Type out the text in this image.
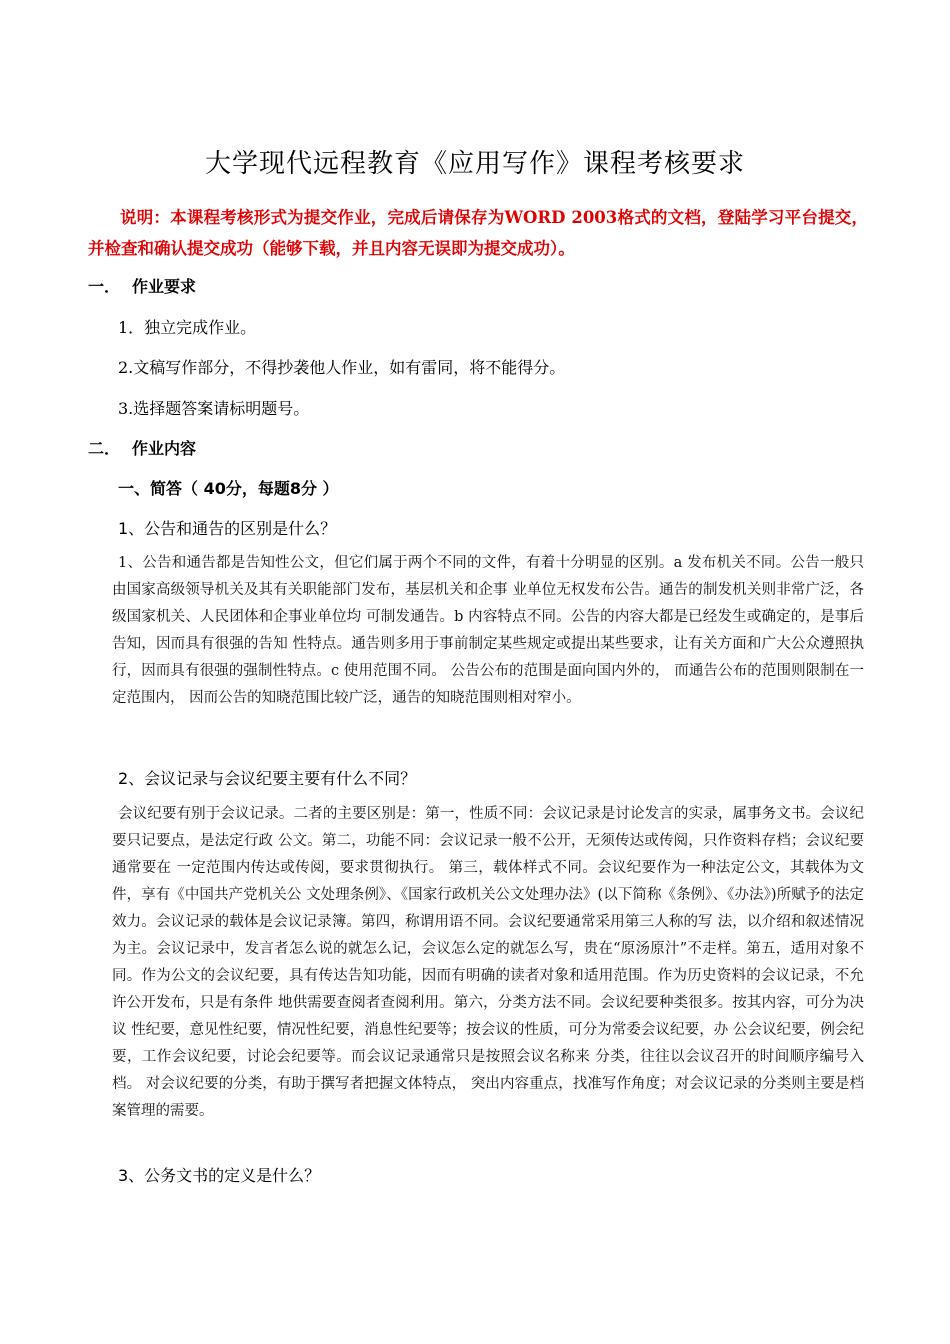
大学现代远程教育《应用写作》课程考核要求
说明：本课程考核形式为提交作业，完成后请保存为WORD 2003格式的文档，登陆学习平台提交，并检查和确认提交成功（能够下载，并且内容无误即为提交成功）。
一． 作业要求
1．独立完成作业。
2.文稿写作部分，不得抄袭他人作业，如有雷同，将不能得分。
3.选择题答案请标明题号。
二． 作业内容
一、简答（ 40分，每题8分 ）
1、公告和通告的区别是什么？
1、公告和通告都是告知性公文，但它们属于两个不同的文件，有着十分明显的区别。a 发布机关不同。公告一般只由国家高级领导机关及其有关职能部门发布，基层机关和企事 业单位无权发布公告。通告的制发机关则非常广泛，各级国家机关、人民团体和企事业单位均 可制发通告。b 内容特点不同。公告的内容大都是已经发生或确定的，是事后告知，因而具有很强的告知 性特点。通告则多用于事前制定某些规定或提出某些要求，让有关方面和广大公众遵照执行，因而具有很强的强制性特点。c 使用范围不同。 公告公布的范围是面向国内外的， 而通告公布的范围则限制在一定范围内， 因而公告的知晓范围比较广泛，通告的知晓范围则相对窄小。
2、会议记录与会议纪要主要有什么不同？
会议纪要有别于会议记录。二者的主要区别是：第一，性质不同：会议记录是讨论发言的实录，属事务文书。会议纪要只记要点，是法定行政 公文。第二，功能不同：会议记录一般不公开，无须传达或传阅，只作资料存档；会议纪要通常要在 一定范围内传达或传阅，要求贯彻执行。 第三，载体样式不同。会议纪要作为一种法定公文，其载体为文件，享有《中国共产党机关公 文处理条例》、《国家行政机关公文处理办法》(以下简称《条例》、《办法》)所赋予的法定 效力。会议记录的载体是会议记录簿。第四，称谓用语不同。会议纪要通常采用第三人称的写 法，以介绍和叙述情况为主。会议记录中，发言者怎么说的就怎么记，会议怎么定的就怎么写，贵在“原汤原汁”不走样。第五，适用对象不同。作为公文的会议纪要，具有传达告知功能，因而有明确的读者对象和适用范围。作为历史资料的会议记录，不允许公开发布，只是有条件 地供需要查阅者查阅利用。第六，分类方法不同。会议纪要种类很多。按其内容，可分为决议 性纪要，意见性纪要，情况性纪要，消息性纪要等；按会议的性质，可分为常委会议纪要，办 公会议纪要，例会纪要，工作会议纪要，讨论会纪要等。而会议记录通常只是按照会议名称来 分类，往往以会议召开的时间顺序编号入档。 对会议纪要的分类，有助于撰写者把握文体特点， 突出内容重点，找准写作角度；对会议记录的分类则主要是档案管理的需要。
3、公务文书的定义是什么？
